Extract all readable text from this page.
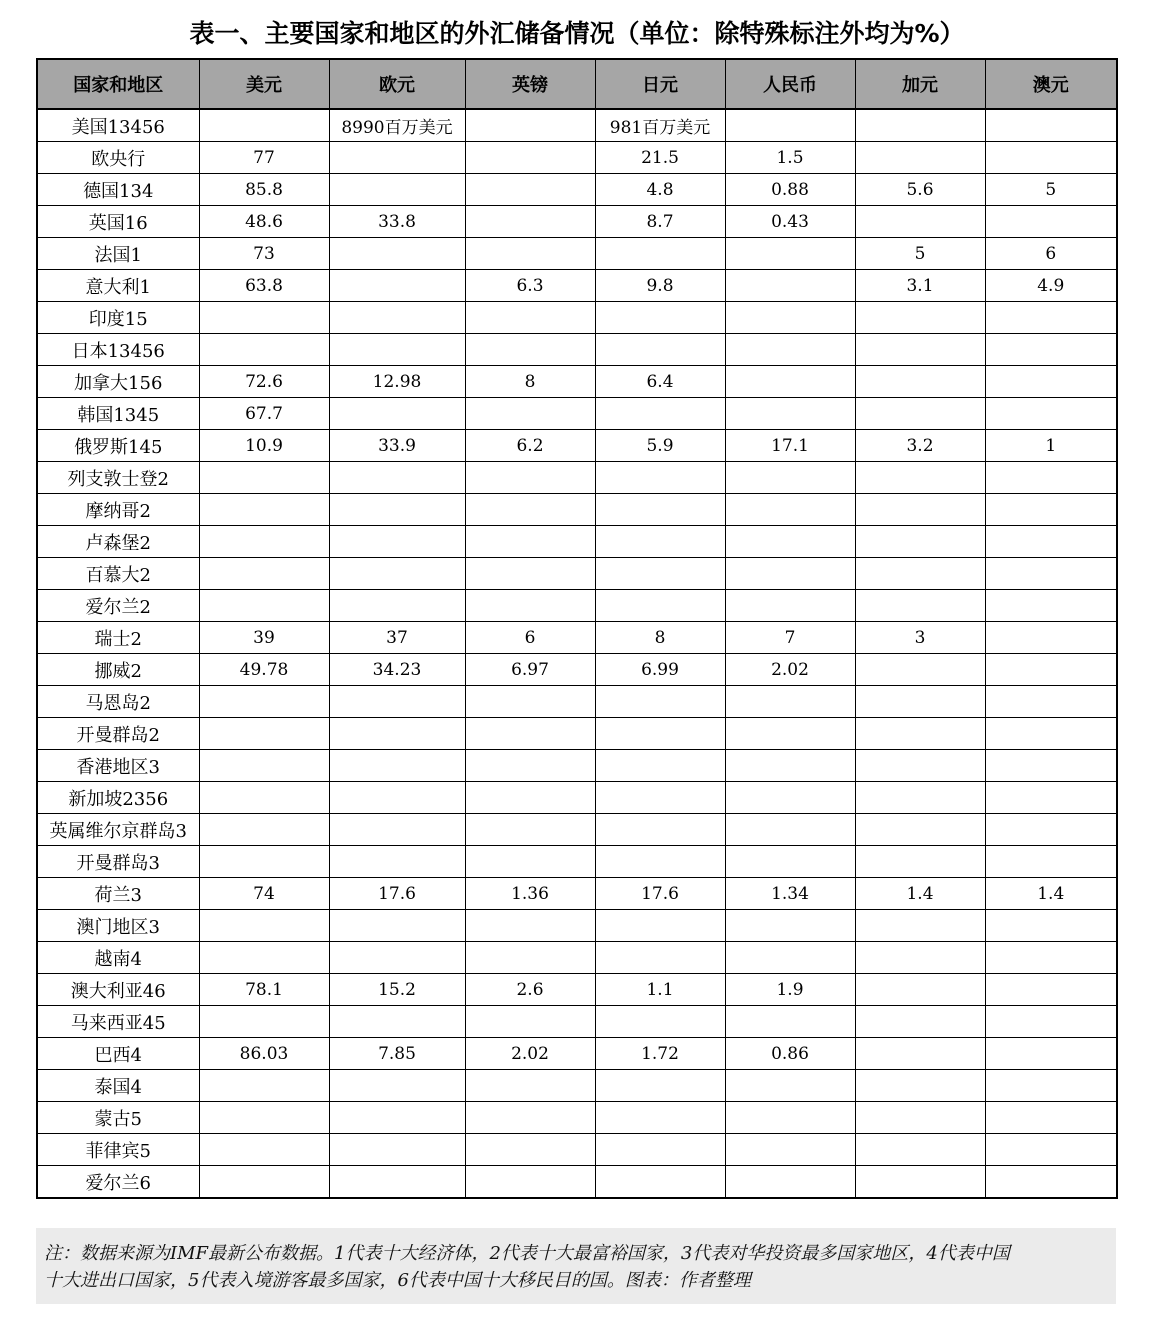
表一、主要国家和地区的外汇储备情况（单位：除特殊标注外均为%）
国家和地区	美元	欧元	英镑	日元	人民币	加元	澳元
美国13456		8990百万美元		981百万美元			
欧央行	77			21.5	1.5		
德国134	85.8			4.8	0.88	5.6	5
英国16	48.6	33.8		8.7	0.43		
法国1	73					5	6
意大利1	63.8		6.3	9.8		3.1	4.9
印度15							
日本13456							
加拿大156	72.6	12.98	8	6.4			
韩国1345	67.7						
俄罗斯145	10.9	33.9	6.2	5.9	17.1	3.2	1
列支敦士登2							
摩纳哥2							
卢森堡2							
百慕大2							
爱尔兰2							
瑞士2	39	37	6	8	7	3	
挪威2	49.78	34.23	6.97	6.99	2.02		
马恩岛2							
开曼群岛2							
香港地区3							
新加坡2356							
英属维尔京群岛3							
开曼群岛3							
荷兰3	74	17.6	1.36	17.6	1.34	1.4	1.4
澳门地区3							
越南4							
澳大利亚46	78.1	15.2	2.6	1.1	1.9		
马来西亚45							
巴西4	86.03	7.85	2.02	1.72	0.86		
泰国4							
蒙古5							
菲律宾5							
爱尔兰6							
注：数据来源为IMF最新公布数据。1代表十大经济体，2代表十大最富裕国家，3代表对华投资最多国家地区，4代表中国
十大进出口国家，5代表入境游客最多国家，6代表中国十大移民目的国。图表：作者整理
